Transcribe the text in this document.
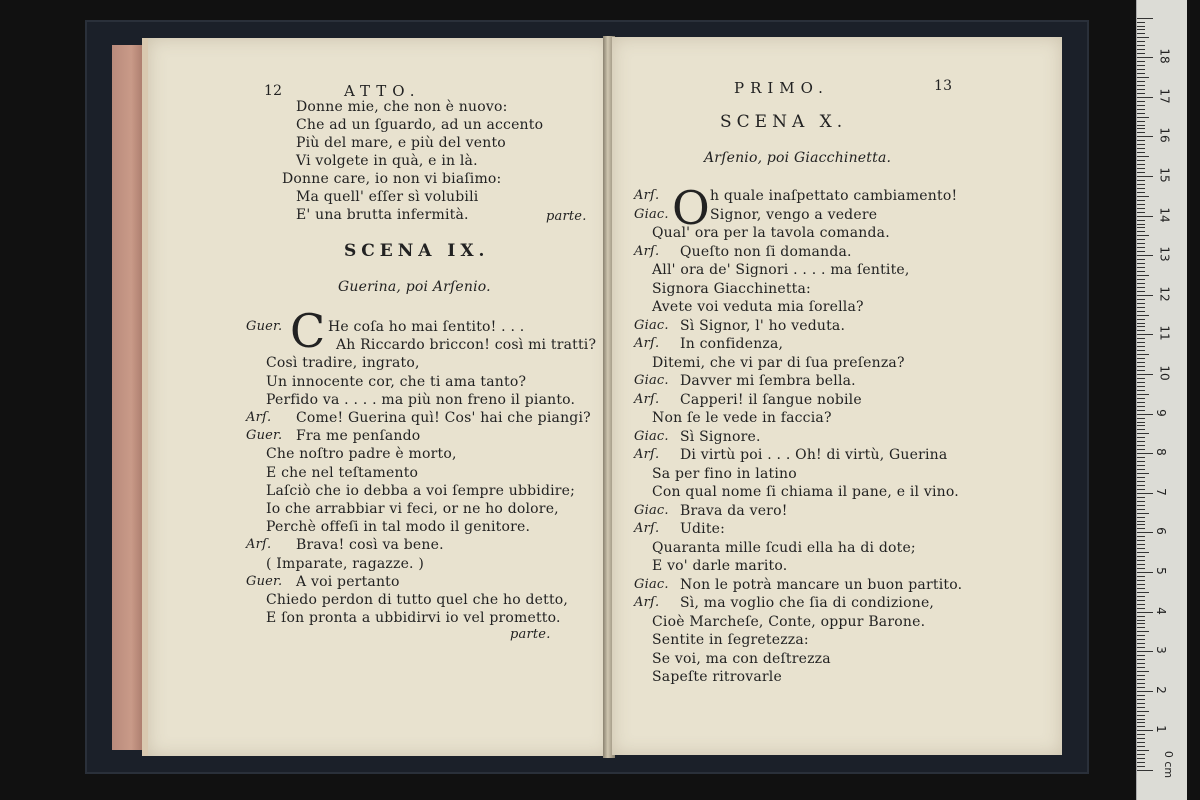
12	ATTO.
Donne mie, che non è nuovo:
Che ad un ſguardo, ad un accento
Più del mare, e più del vento
Vi volgete in quà, e in là.
Donne care, io non vi biaſimo:
Ma quell' eſſer sì volubili
E' una brutta infermità.	parte.
SCENA IX.
Guerina, poi Arſenio.
C
Guer.	He coſa ho mai ſentito! . . .
Ah Riccardo briccon! così mi tratti?
Così tradire, ingrato,
Un innocente cor, che ti ama tanto?
Perfido va . . . . ma più non freno il pianto.
Arſ. Come! Guerina quì! Cos' hai che piangi?
Guer. Fra me penſando
Che noſtro padre è morto,
E che nel teſtamento
Laſciò che io debba a voi ſempre ubbidire;
Io che arrabbiar vi feci, or ne ho dolore,
Perchè offeſi in tal modo il genitore.
Arſ. Brava! così va bene.
( Imparate, ragazze. )
Guer. A voi pertanto
Chiedo perdon di tutto quel che ho detto,
E ſon pronta a ubbidirvi io vel prometto.
parte.
PRIMO.	13
SCENA X.
Arſenio, poi Giacchinetta.
O
Arſ.	h quale inaſpettato cambiamento!
Giac.	Signor, vengo a vedere
Qual' ora per la tavola comanda.
Arſ. Queſto non ſi domanda.
All' ora de' Signori . . . . ma ſentite,
Signora Giacchinetta:
Avete voi veduta mia ſorella?
Giac. Sì Signor, l' ho veduta.
Arſ. In confidenza,
Ditemi, che vi par di ſua preſenza?
Giac. Davver mi ſembra bella.
Arſ. Capperi! il ſangue nobile
Non ſe le vede in faccia?
Giac. Sì Signore.
Arſ. Di virtù poi . . . Oh! di virtù, Guerina
Sa per fino in latino
Con qual nome ſi chiama il pane, e il vino.
Giac. Brava da vero!
Arſ. Udite:
Quaranta mille ſcudi ella ha di dote;
E vo' darle marito.
Giac. Non le potrà mancare un buon partito.
Arſ. Sì, ma voglio che ſia di condizione,
Cioè Marcheſe, Conte, oppur Barone.
Sentite in ſegretezza:
Se voi, ma con deſtrezza
Sapeſte ritrovarle
1
2
3
4
5
6
7
8
9
10
11
12
13
14
15
16
17
18
0 cm
